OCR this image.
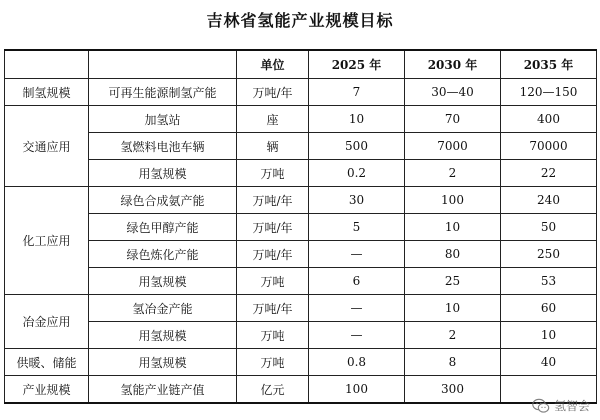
吉林省氢能产业规模目标
		单位	2025 年	2030 年	2035 年
制氢规模	可再生能源制氢产能	万吨/年	7	30—40	120—150
交通应用	加氢站	座	10	70	400
	氢燃料电池车辆	辆	500	7000	70000
	用氢规模	万吨	0.2	2	22
化工应用	绿色合成氨产能	万吨/年	30	100	240
	绿色甲醇产能	万吨/年	5	10	50
	绿色炼化产能	万吨/年	—	80	250
	用氢规模	万吨	6	25	53
冶金应用	氢冶金产能	万吨/年	—	10	60
	用氢规模	万吨	—	2	10
供暖、储能	用氢规模	万吨	0.8	8	40
产业规模	氢能产业链产值	亿元	100	300	
氢智会
